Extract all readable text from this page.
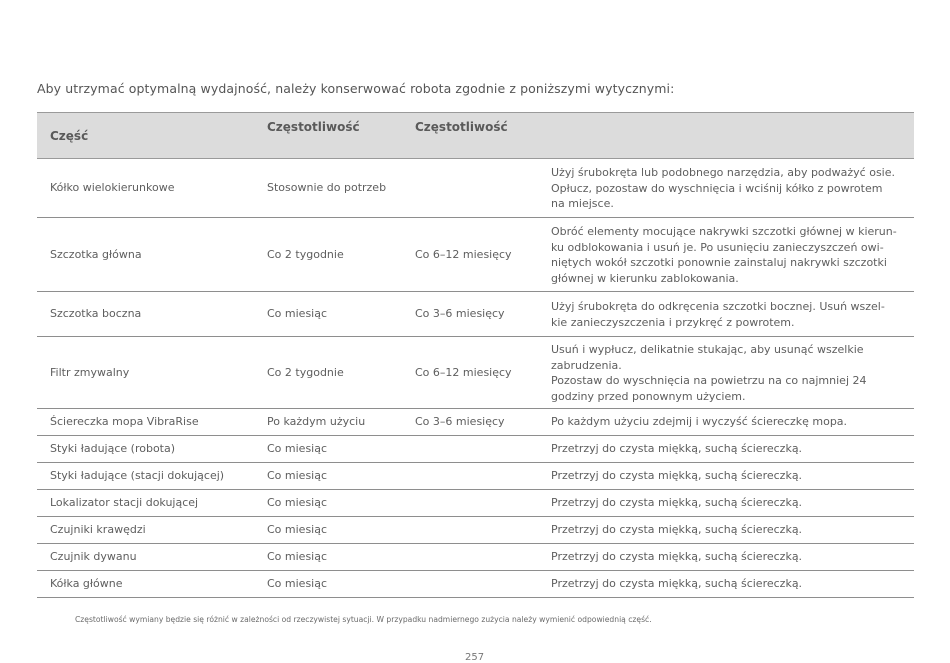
Aby utrzymać optymalną wydajność, należy konserwować robota zgodnie z poniższymi wytycznymi:
Część	Częstotliwość	Częstotliwość	
Kółko wielokierunkowe	Stosownie do potrzeb		Użyj śrubokręta lub podobnego narzędzia, aby podważyć osie.
Opłucz, pozostaw do wyschnięcia i wciśnij kółko z powrotem
na miejsce.
Szczotka główna	Co 2 tygodnie	Co 6–12 miesięcy	Obróć elementy mocujące nakrywki szczotki głównej w kierun-
ku odblokowania i usuń je. Po usunięciu zanieczyszczeń owi-
niętych wokół szczotki ponownie zainstaluj nakrywki szczotki
głównej w kierunku zablokowania.
Szczotka boczna	Co miesiąc	Co 3–6 miesięcy	Użyj śrubokręta do odkręcenia szczotki bocznej. Usuń wszel-
kie zanieczyszczenia i przykręć z powrotem.
Filtr zmywalny	Co 2 tygodnie	Co 6–12 miesięcy	Usuń i wypłucz, delikatnie stukając, aby usunąć wszelkie
zabrudzenia.
Pozostaw do wyschnięcia na powietrzu na co najmniej 24
godziny przed ponownym użyciem.
Ściereczka mopa VibraRise	Po każdym użyciu	Co 3–6 miesięcy	Po każdym użyciu zdejmij i wyczyść ściereczkę mopa.
Styki ładujące (robota)	Co miesiąc		Przetrzyj do czysta miękką, suchą ściereczką.
Styki ładujące (stacji dokującej)	Co miesiąc		Przetrzyj do czysta miękką, suchą ściereczką.
Lokalizator stacji dokującej	Co miesiąc		Przetrzyj do czysta miękką, suchą ściereczką.
Czujniki krawędzi	Co miesiąc		Przetrzyj do czysta miękką, suchą ściereczką.
Czujnik dywanu	Co miesiąc		Przetrzyj do czysta miękką, suchą ściereczką.
Kółka główne	Co miesiąc		Przetrzyj do czysta miękką, suchą ściereczką.
Częstotliwość wymiany będzie się różnić w zależności od rzeczywistej sytuacji. W przypadku nadmiernego zużycia należy wymienić odpowiednią część.
257
